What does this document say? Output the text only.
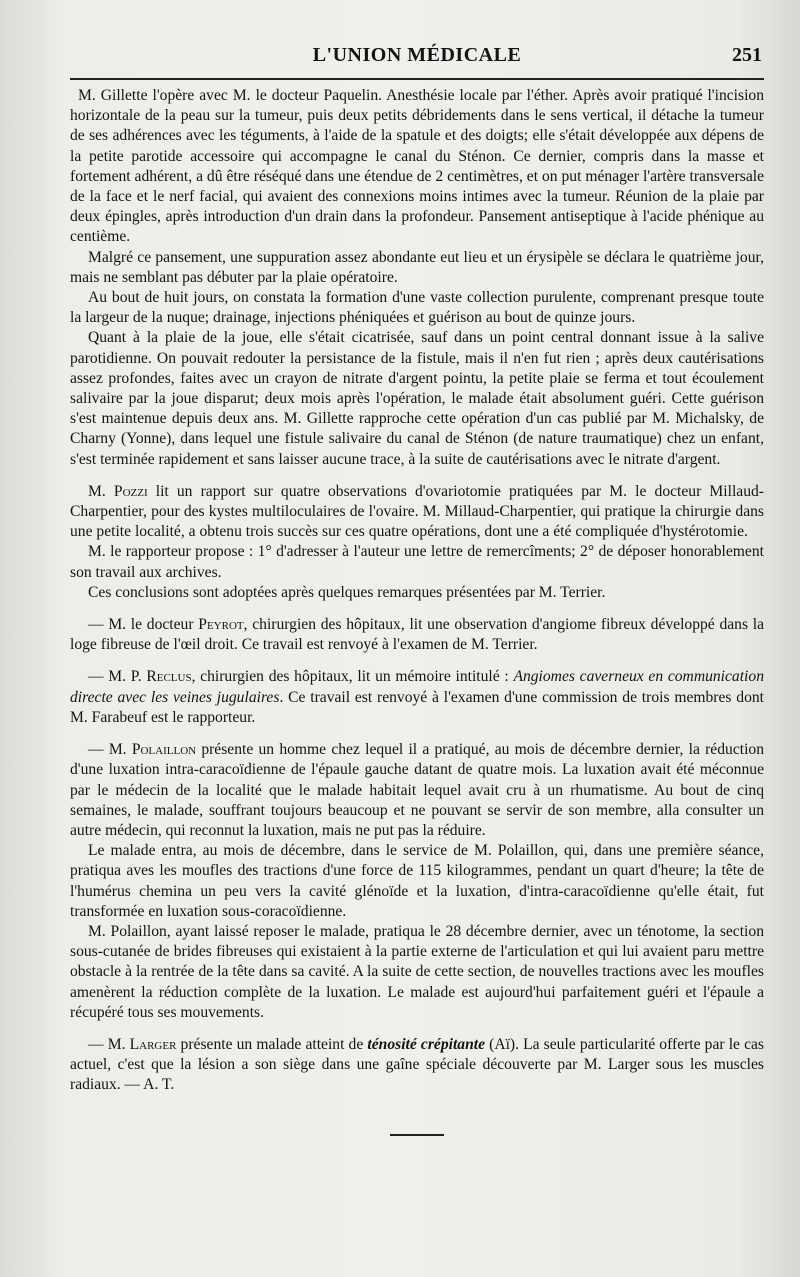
L'UNION MÉDICALE	251

M. Gillette l'opère avec M. le docteur Paquelin. Anesthésie locale par l'éther. Après avoir pratiqué l'incision horizontale de la peau sur la tumeur, puis deux petits débridements dans le sens vertical, il détache la tumeur de ses adhérences avec les téguments, à l'aide de la spatule et des doigts; elle s'était développée aux dépens de la petite parotide accessoire qui accompagne le canal du Sténon. Ce dernier, compris dans la masse et fortement adhérent, a dû être réséqué dans une étendue de 2 centimètres, et on put ménager l'artère transversale de la face et le nerf facial, qui avaient des connexions moins intimes avec la tumeur. Réunion de la plaie par deux épingles, après introduction d'un drain dans la profondeur. Pansement antiseptique à l'acide phénique au centième.

Malgré ce pansement, une suppuration assez abondante eut lieu et un érysipèle se déclara le quatrième jour, mais ne semblant pas débuter par la plaie opératoire.

Au bout de huit jours, on constata la formation d'une vaste collection purulente, comprenant presque toute la largeur de la nuque; drainage, injections phéniquées et guérison au bout de quinze jours.

Quant à la plaie de la joue, elle s'était cicatrisée, sauf dans un point central donnant issue à la salive parotidienne. On pouvait redouter la persistance de la fistule, mais il n'en fut rien ; après deux cautérisations assez profondes, faites avec un crayon de nitrate d'argent pointu, la petite plaie se ferma et tout écoulement salivaire par la joue disparut; deux mois après l'opération, le malade était absolument guéri. Cette guérison s'est maintenue depuis deux ans. M. Gillette rapproche cette opération d'un cas publié par M. Michalsky, de Charny (Yonne), dans lequel une fistule salivaire du canal de Sténon (de nature traumatique) chez un enfant, s'est terminée rapidement et sans laisser aucune trace, à la suite de cautérisations avec le nitrate d'argent.

M. Pozzi lit un rapport sur quatre observations d'ovariotomie pratiquées par M. le docteur Millaud-Charpentier, pour des kystes multiloculaires de l'ovaire. M. Millaud-Charpentier, qui pratique la chirurgie dans une petite localité, a obtenu trois succès sur ces quatre opérations, dont une a été compliquée d'hystérotomie.

M. le rapporteur propose : 1° d'adresser à l'auteur une lettre de remercîments; 2° de déposer honorablement son travail aux archives.

Ces conclusions sont adoptées après quelques remarques présentées par M. Terrier.

— M. le docteur Peyrot, chirurgien des hôpitaux, lit une observation d'angiome fibreux développé dans la loge fibreuse de l'œil droit. Ce travail est renvoyé à l'examen de M. Terrier.

— M. P. Reclus, chirurgien des hôpitaux, lit un mémoire intitulé : Angiomes caverneux en communication directe avec les veines jugulaires. Ce travail est renvoyé à l'examen d'une commission de trois membres dont M. Farabeuf est le rapporteur.

— M. Polaillon présente un homme chez lequel il a pratiqué, au mois de décembre dernier, la réduction d'une luxation intra-caracoïdienne de l'épaule gauche datant de quatre mois. La luxation avait été méconnue par le médecin de la localité que le malade habitait lequel avait cru à un rhumatisme. Au bout de cinq semaines, le malade, souffrant toujours beaucoup et ne pouvant se servir de son membre, alla consulter un autre médecin, qui reconnut la luxation, mais ne put pas la réduire.

Le malade entra, au mois de décembre, dans le service de M. Polaillon, qui, dans une première séance, pratiqua aves les moufles des tractions d'une force de 115 kilogrammes, pendant un quart d'heure; la tête de l'humérus chemina un peu vers la cavité glénoïde et la luxation, d'intra-caracoïdienne qu'elle était, fut transformée en luxation sous-coracoïdienne.

M. Polaillon, ayant laissé reposer le malade, pratiqua le 28 décembre dernier, avec un ténotome, la section sous-cutanée de brides fibreuses qui existaient à la partie externe de l'articulation et qui lui avaient paru mettre obstacle à la rentrée de la tête dans sa cavité. A la suite de cette section, de nouvelles tractions avec les moufles amenèrent la réduction complète de la luxation. Le malade est aujourd'hui parfaitement guéri et l'épaule a récupéré tous ses mouvements.

— M. Larger présente un malade atteint de ténosité crépitante (Aï). La seule particularité offerte par le cas actuel, c'est que la lésion a son siège dans une gaîne spéciale découverte par M. Larger sous les muscles radiaux. — A. T.
